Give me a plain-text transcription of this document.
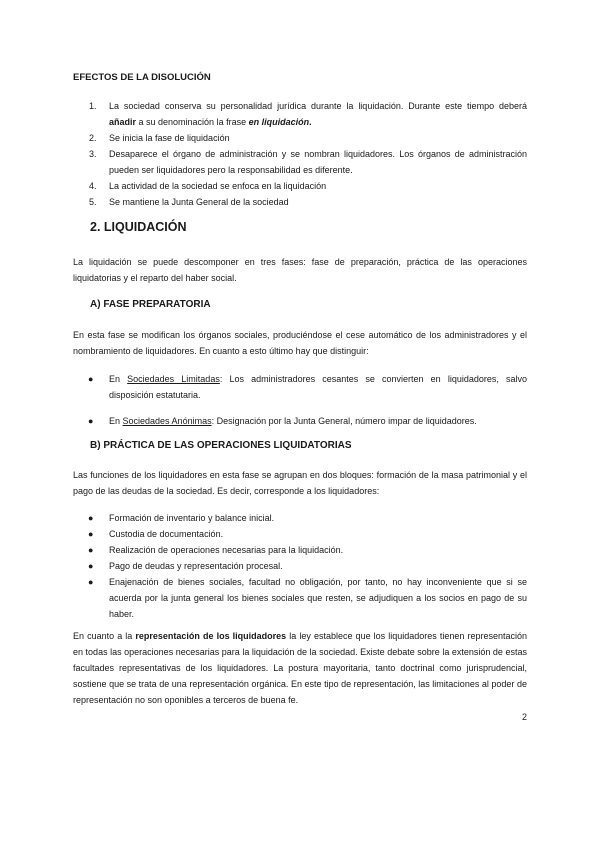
EFECTOS DE LA DISOLUCIÓN
1. La sociedad conserva su personalidad jurídica durante la liquidación. Durante este tiempo deberá añadir a su denominación la frase en liquidación.
2. Se inicia la fase de liquidación
3. Desaparece el órgano de administración y se nombran liquidadores. Los órganos de administración pueden ser liquidadores pero la responsabilidad es diferente.
4. La actividad de la sociedad se enfoca en la liquidación
5. Se mantiene la Junta General de la sociedad
2. LIQUIDACIÓN
La liquidación se puede descomponer en tres fases: fase de preparación, práctica de las operaciones liquidatorias y el reparto del haber social.
A) FASE PREPARATORIA
En esta fase se modifican los órganos sociales, produciéndose el cese automático de los administradores y el nombramiento de liquidadores. En cuanto a esto último hay que distinguir:
● En Sociedades Limitadas: Los administradores cesantes se convierten en liquidadores, salvo disposición estatutaria.
● En Sociedades Anónimas: Designación por la Junta General, número impar de liquidadores.
B) PRÁCTICA DE LAS OPERACIONES LIQUIDATORIAS
Las funciones de los liquidadores en esta fase se agrupan en dos bloques: formación de la masa patrimonial y el pago de las deudas de la sociedad. Es decir, corresponde a los liquidadores:
● Formación de inventario y balance inicial.
● Custodia de documentación.
● Realización de operaciones necesarias para la liquidación.
● Pago de deudas y representación procesal.
● Enajenación de bienes sociales, facultad no obligación, por tanto, no hay inconveniente que si se acuerda por la junta general los bienes sociales que resten, se adjudiquen a los socios en pago de su haber.
En cuanto a la representación de los liquidadores la ley establece que los liquidadores tienen representación en todas las operaciones necesarias para la liquidación de la sociedad. Existe debate sobre la extensión de estas facultades representativas de los liquidadores. La postura mayoritaria, tanto doctrinal como jurisprudencial, sostiene que se trata de una representación orgánica. En este tipo de representación, las limitaciones al poder de representación no son oponibles a terceros de buena fe.
2
